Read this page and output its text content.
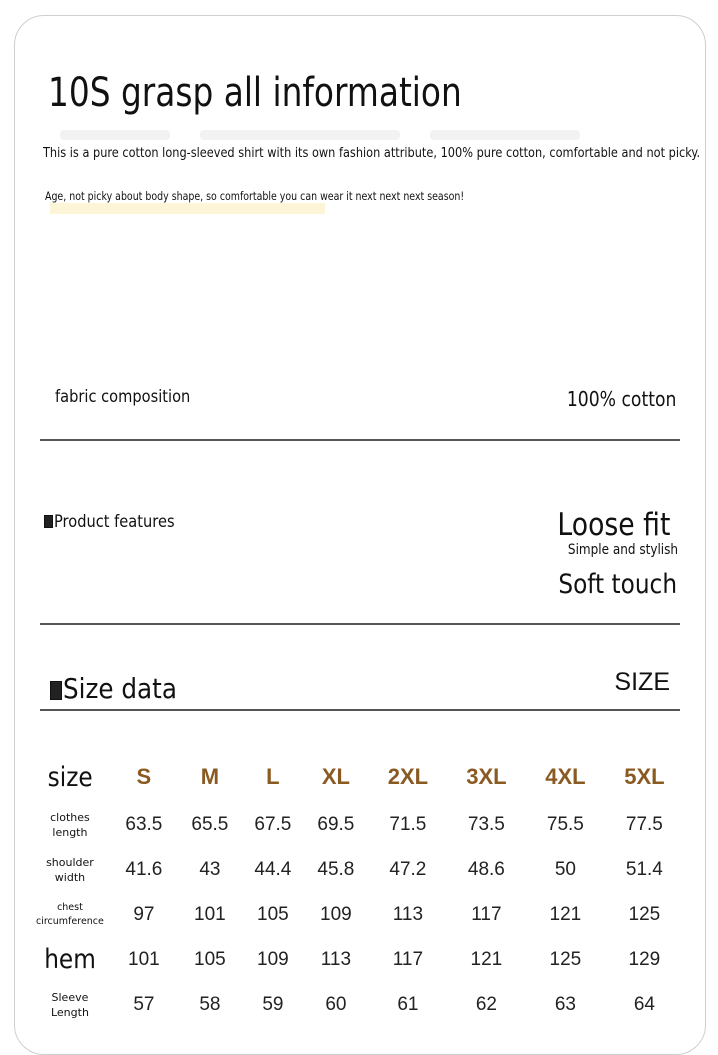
10S grasp all information
This is a pure cotton long-sleeved shirt with its own fashion attribute, 100% pure cotton, comfortable and not picky.
Age, not picky about body shape, so comfortable you can wear it next next next season!
fabric composition	100% cotton
Product features	Loose fit
Simple and stylish
Soft touch
Size data	SIZE
size	S	M	L	XL	2XL	3XL	4XL	5XL

clothes
length	63.5	65.5	67.5	69.5	71.5	73.5	75.5	77.5

shoulder
width	41.6	43	44.4	45.8	47.2	48.6	50	51.4

chest
circumference	97	101	105	109	113	117	121	125
hem	101	105	109	113	117	121	125	129

Sleeve
Length	57	58	59	60	61	62	63	64
